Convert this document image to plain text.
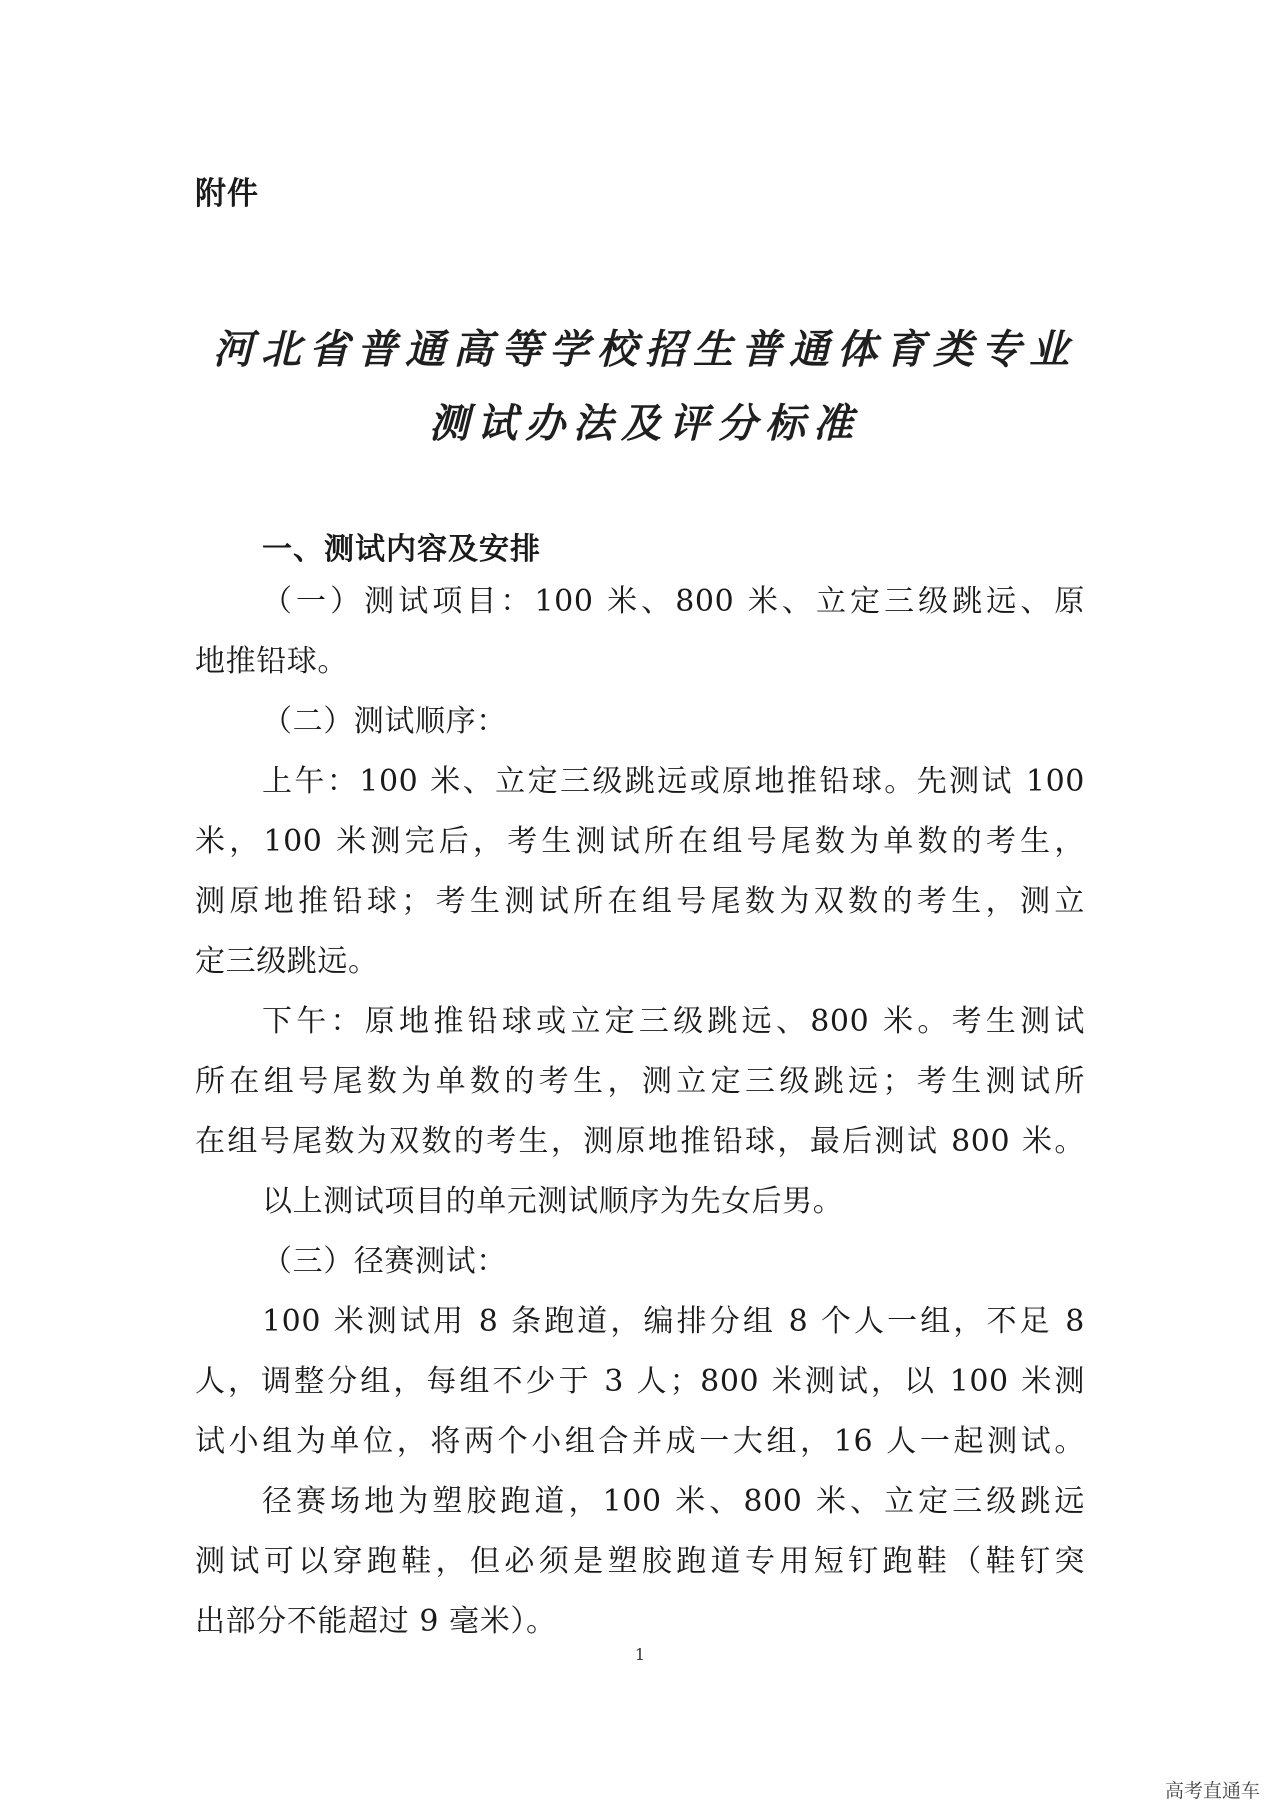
附件
河北省普通高等学校招生普通体育类专业
测试办法及评分标准
一、测试内容及安排
（一）测试项目：100 米、800 米、立定三级跳远、原
地推铅球。
（二）测试顺序：
上午：100 米、立定三级跳远或原地推铅球。先测试 100
米，100 米测完后，考生测试所在组号尾数为单数的考生，
测原地推铅球；考生测试所在组号尾数为双数的考生，测立
定三级跳远。
下午：原地推铅球或立定三级跳远、800 米。考生测试
所在组号尾数为单数的考生，测立定三级跳远；考生测试所
在组号尾数为双数的考生，测原地推铅球，最后测试 800 米。
以上测试项目的单元测试顺序为先女后男。
（三）径赛测试：
100 米测试用 8 条跑道，编排分组 8 个人一组，不足 8
人，调整分组，每组不少于 3 人；800 米测试，以 100 米测
试小组为单位，将两个小组合并成一大组，16 人一起测试。
径赛场地为塑胶跑道，100 米、800 米、立定三级跳远
测试可以穿跑鞋，但必须是塑胶跑道专用短钉跑鞋（鞋钉突
出部分不能超过 9 毫米）。
1
高考直通车
